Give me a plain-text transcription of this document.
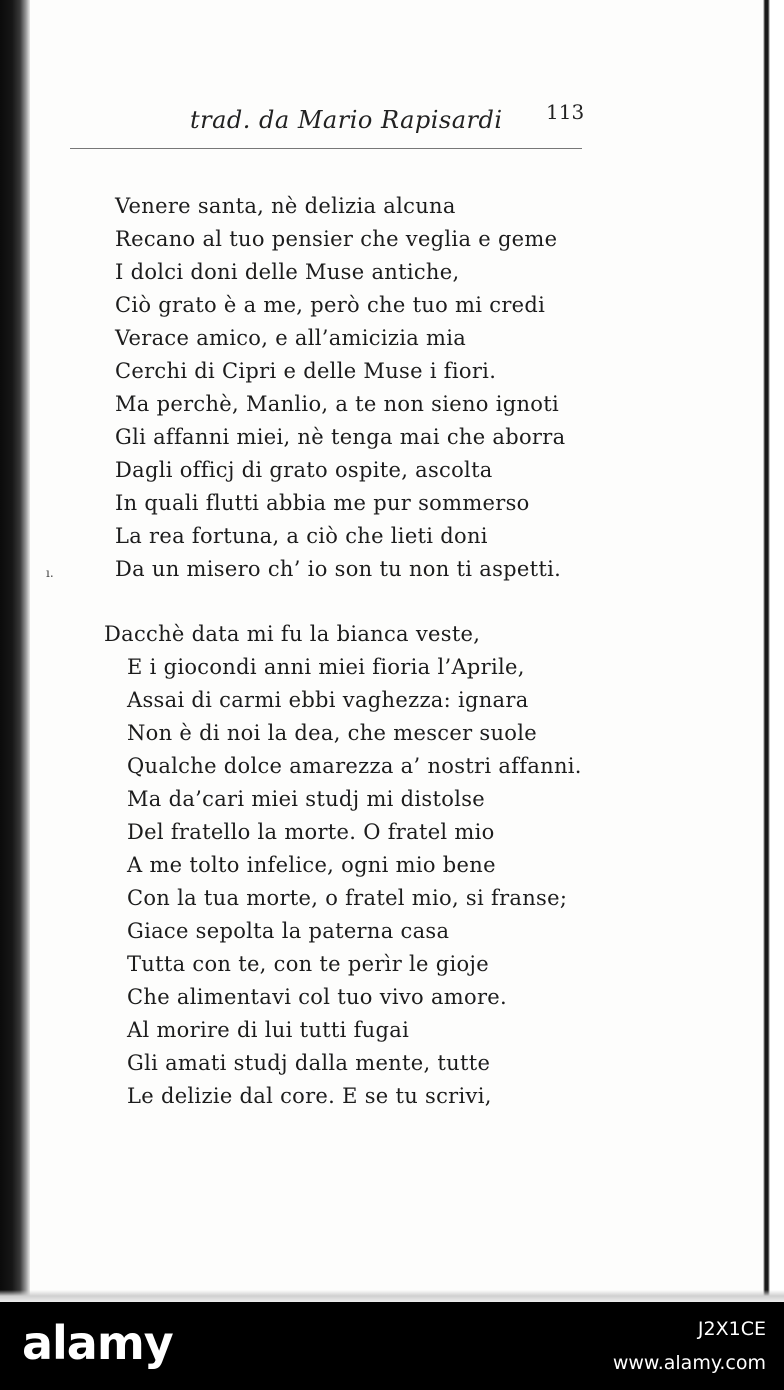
trad. da Mario Rapisardi 113
ı.
Venere santa, nè delizia alcuna
Recano al tuo pensier che veglia e geme
I dolci doni delle Muse antiche,
Ciò grato è a me, però che tuo mi credi
Verace amico, e all’amicizia mia
Cerchi di Cipri e delle Muse i fiori.
Ma perchè, Manlio, a te non sieno ignoti
Gli affanni miei, nè tenga mai che aborra
Dagli officj di grato ospite, ascolta
In quali flutti abbia me pur sommerso
La rea fortuna, a ciò che lieti doni
Da un misero ch’ io son tu non ti aspetti.
Dacchè data mi fu la bianca veste,
E i giocondi anni miei fioria l’Aprile,
Assai di carmi ebbi vaghezza: ignara
Non è di noi la dea, che mescer suole
Qualche dolce amarezza a’ nostri affanni.
Ma da’cari miei studj mi distolse
Del fratello la morte. O fratel mio
A me tolto infelice, ogni mio bene
Con la tua morte, o fratel mio, si franse;
Giace sepolta la paterna casa
Tutta con te, con te perìr le gioje
Che alimentavi col tuo vivo amore.
Al morire di lui tutti fugai
Gli amati studj dalla mente, tutte
Le delizie dal core. E se tu scrivi,
alamy	J2X1CE
www.alamy.com
